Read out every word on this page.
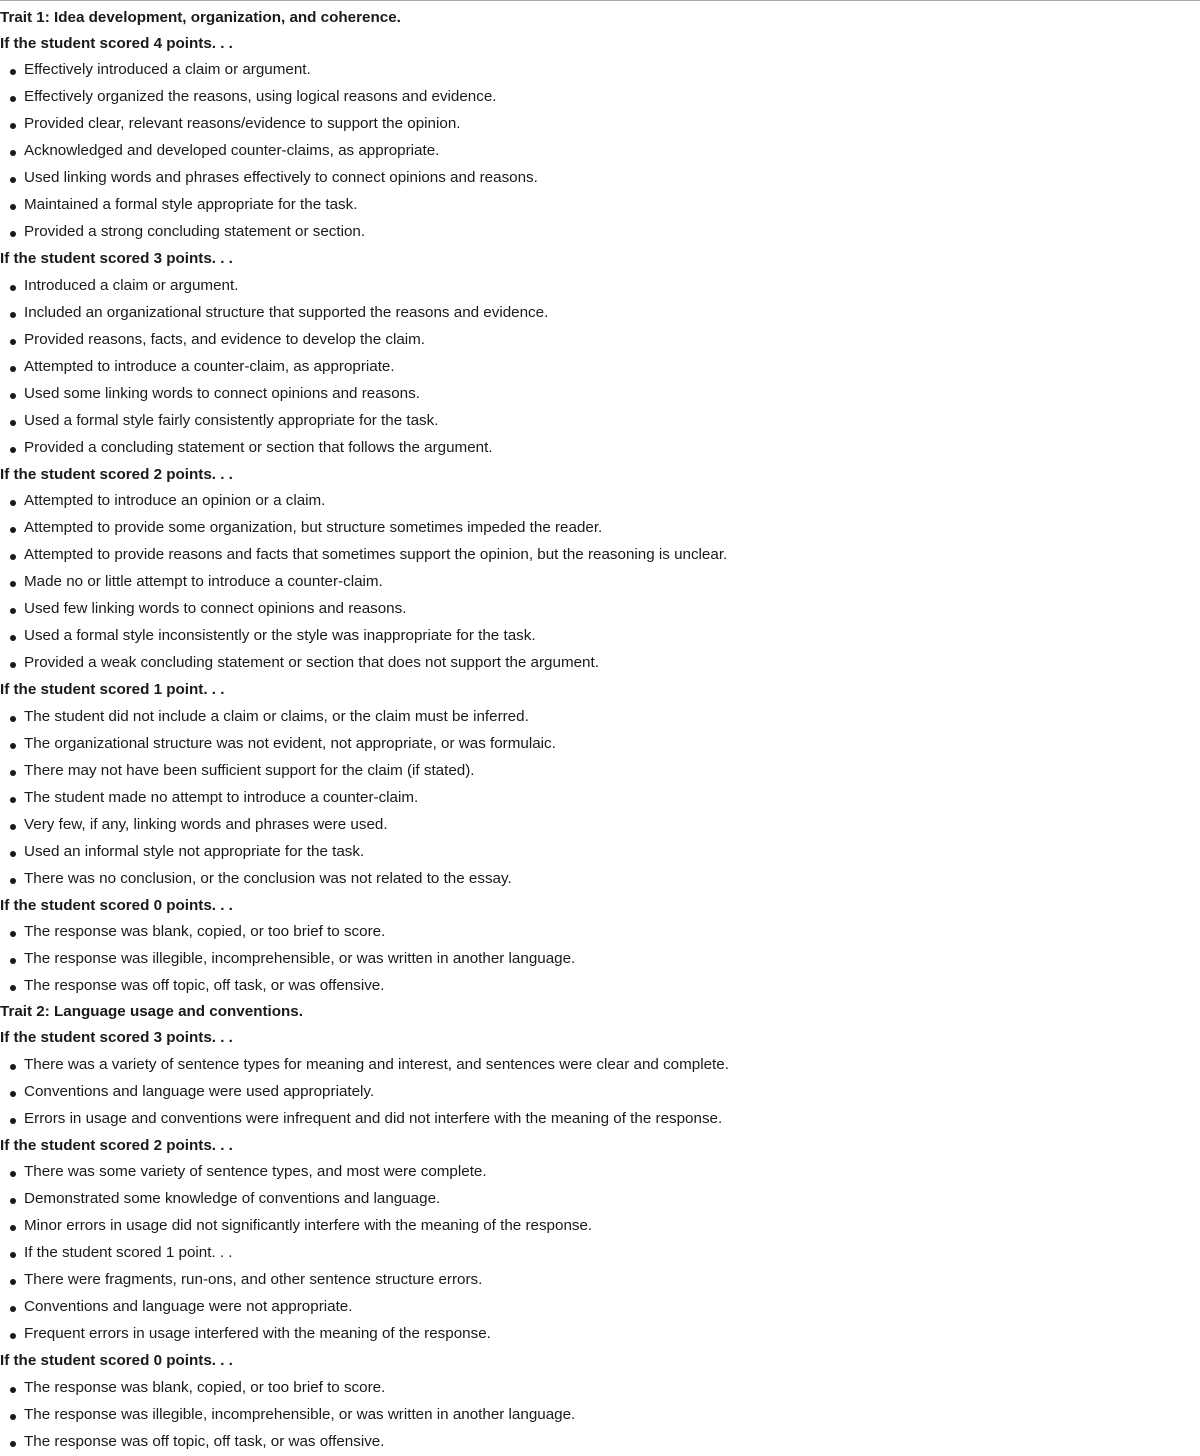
Trait 1: Idea development, organization, and coherence.
If the student scored 4 points. . .
Effectively introduced a claim or argument.
Effectively organized the reasons, using logical reasons and evidence.
Provided clear, relevant reasons/evidence to support the opinion.
Acknowledged and developed counter-claims, as appropriate.
Used linking words and phrases effectively to connect opinions and reasons.
Maintained a formal style appropriate for the task.
Provided a strong concluding statement or section.
If the student scored 3 points. . .
Introduced a claim or argument.
Included an organizational structure that supported the reasons and evidence.
Provided reasons, facts, and evidence to develop the claim.
Attempted to introduce a counter-claim, as appropriate.
Used some linking words to connect opinions and reasons.
Used a formal style fairly consistently appropriate for the task.
Provided a concluding statement or section that follows the argument.
If the student scored 2 points. . .
Attempted to introduce an opinion or a claim.
Attempted to provide some organization, but structure sometimes impeded the reader.
Attempted to provide reasons and facts that sometimes support the opinion, but the reasoning is unclear.
Made no or little attempt to introduce a counter-claim.
Used few linking words to connect opinions and reasons.
Used a formal style inconsistently or the style was inappropriate for the task.
Provided a weak concluding statement or section that does not support the argument.
If the student scored 1 point. . .
The student did not include a claim or claims, or the claim must be inferred.
The organizational structure was not evident, not appropriate, or was formulaic.
There may not have been sufficient support for the claim (if stated).
The student made no attempt to introduce a counter-claim.
Very few, if any, linking words and phrases were used.
Used an informal style not appropriate for the task.
There was no conclusion, or the conclusion was not related to the essay.
If the student scored 0 points. . .
The response was blank, copied, or too brief to score.
The response was illegible, incomprehensible, or was written in another language.
The response was off topic, off task, or was offensive.
Trait 2: Language usage and conventions.
If the student scored 3 points. . .
There was a variety of sentence types for meaning and interest, and sentences were clear and complete.
Conventions and language were used appropriately.
Errors in usage and conventions were infrequent and did not interfere with the meaning of the response.
If the student scored 2 points. . .
There was some variety of sentence types, and most were complete.
Demonstrated some knowledge of conventions and language.
Minor errors in usage did not significantly interfere with the meaning of the response.
If the student scored 1 point. . .
There were fragments, run-ons, and other sentence structure errors.
Conventions and language were not appropriate.
Frequent errors in usage interfered with the meaning of the response.
If the student scored 0 points. . .
The response was blank, copied, or too brief to score.
The response was illegible, incomprehensible, or was written in another language.
The response was off topic, off task, or was offensive.
